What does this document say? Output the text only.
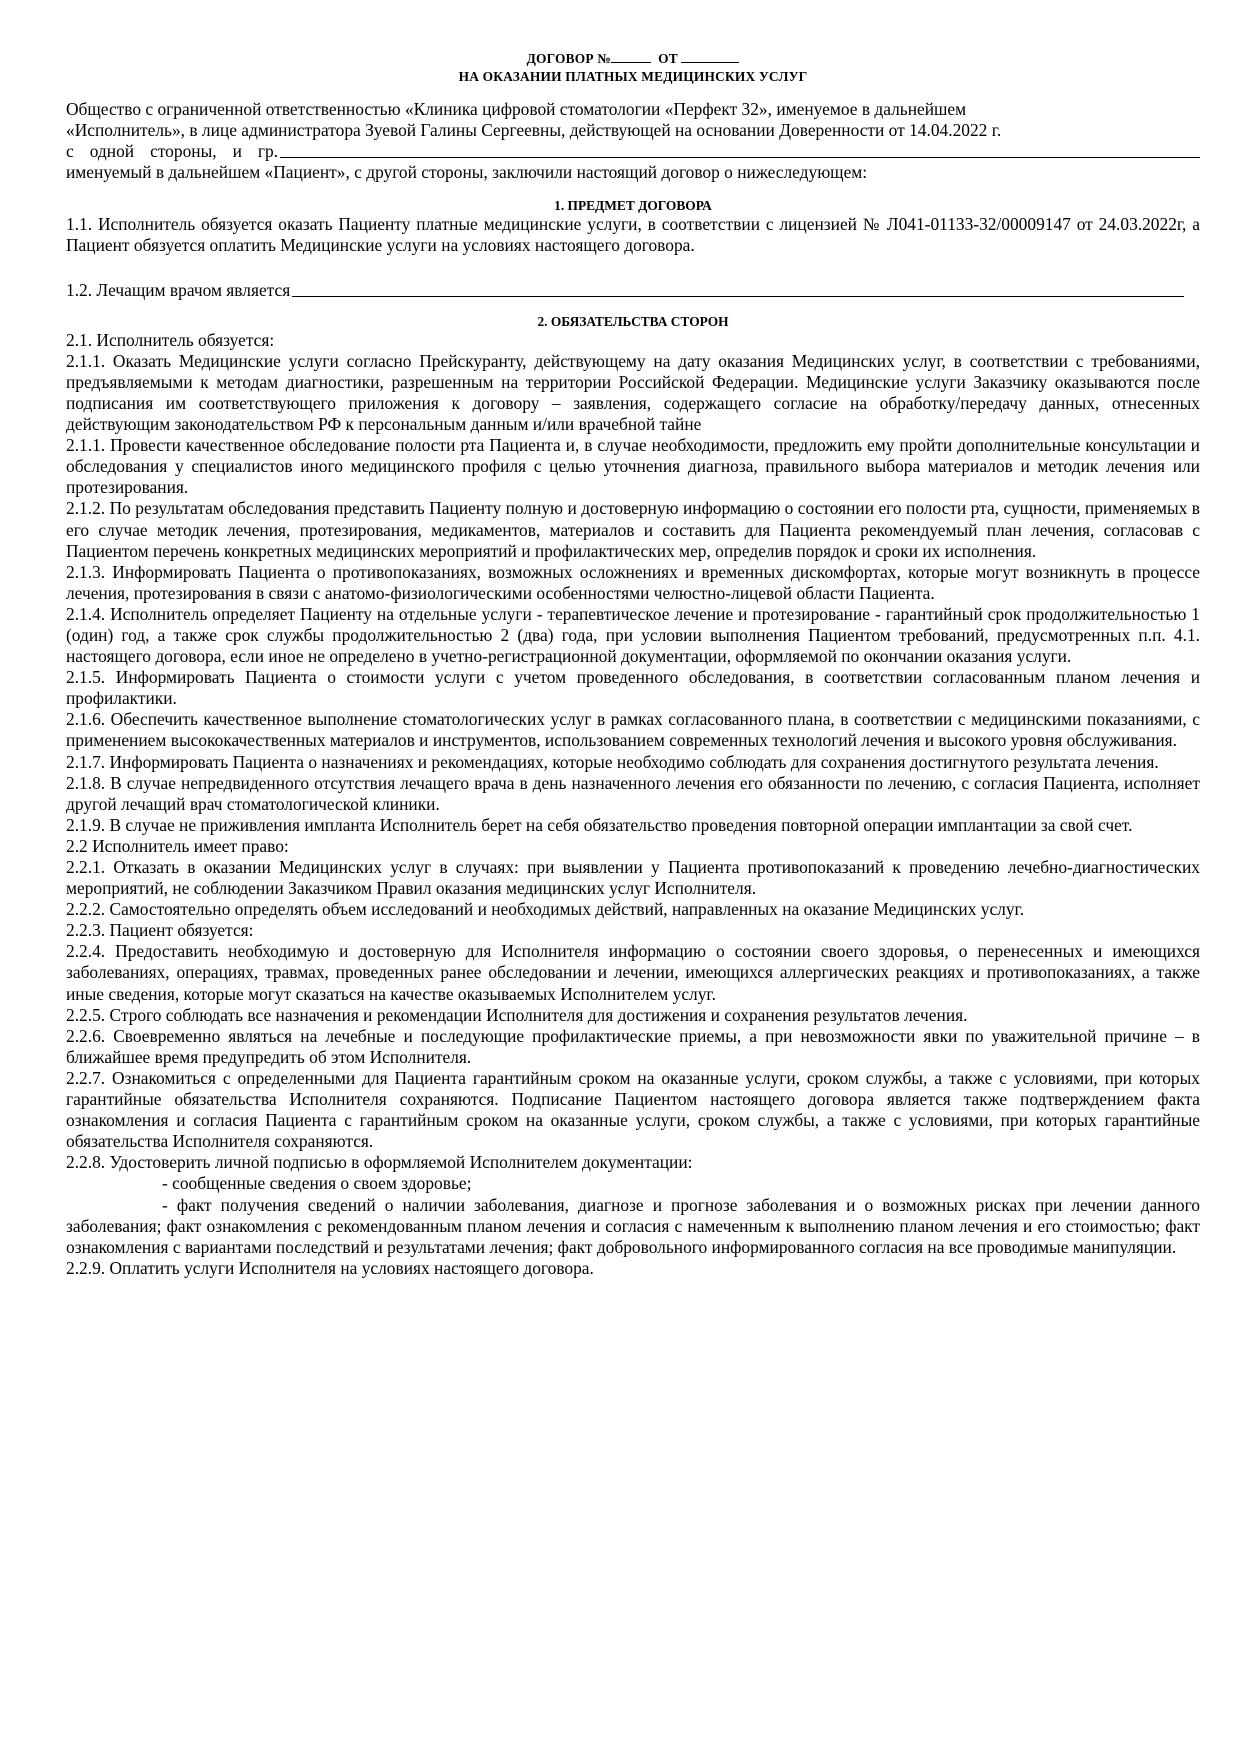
ДОГОВОР №	ОТ
НА ОКАЗАНИИ ПЛАТНЫХ МЕДИЦИНСКИХ УСЛУГ
Общество с ограниченной ответственностью «Клиника цифровой стоматологии «Перфект 32», именуемое в дальнейшем
«Исполнитель», в лице администратора Зуевой Галины Сергеевны, действующей на основании Доверенности от 14.04.2022 г.
с одной стороны, и гр.
именуемый в дальнейшем «Пациент», с другой стороны, заключили настоящий договор о нижеследующем:
1. ПРЕДМЕТ ДОГОВОРА
1.1. Исполнитель обязуется оказать Пациенту платные медицинские услуги, в соответствии с лицензией № Л041-01133-32/00009147 от 24.03.2022г, а Пациент обязуется оплатить Медицинские услуги на условиях настоящего договора.
1.2. Лечащим врачом является
2. ОБЯЗАТЕЛЬСТВА СТОРОН
2.1. Исполнитель обязуется:
2.1.1. Оказать Медицинские услуги согласно Прейскуранту, действующему на дату оказания Медицинских услуг, в соответствии с требованиями, предъявляемыми к методам диагностики, разрешенным на территории Российской Федерации. Медицинские услуги Заказчику оказываются после подписания им соответствующего приложения к договору – заявления, содержащего согласие на обработку/передачу данных, отнесенных действующим законодательством РФ к персональным данным и/или врачебной тайне
2.1.1. Провести качественное обследование полости рта Пациента и, в случае необходимости, предложить ему пройти дополнительные консультации и обследования у специалистов иного медицинского профиля с целью уточнения диагноза, правильного выбора материалов и методик лечения или протезирования.
2.1.2. По результатам обследования представить Пациенту полную и достоверную информацию о состоянии его полости рта, сущности, применяемых в его случае методик лечения, протезирования, медикаментов, материалов и составить для Пациента рекомендуемый план лечения, согласовав с Пациентом перечень конкретных медицинских мероприятий и профилактических мер, определив порядок и сроки их исполнения.
2.1.3. Информировать Пациента о противопоказаниях, возможных осложнениях и временных дискомфортах, которые могут возникнуть в процессе лечения, протезирования в связи с анатомо-физиологическими особенностями челюстно-лицевой области Пациента.
2.1.4. Исполнитель определяет Пациенту на отдельные услуги - терапевтическое лечение и протезирование - гарантийный срок продолжительностью 1 (один) год, а также срок службы продолжительностью 2 (два) года, при условии выполнения Пациентом требований, предусмотренных п.п. 4.1. настоящего договора, если иное не определено в учетно-регистрационной документации, оформляемой по окончании оказания услуги.
2.1.5. Информировать Пациента о стоимости услуги с учетом проведенного обследования, в соответствии согласованным планом лечения и профилактики.
2.1.6. Обеспечить качественное выполнение стоматологических услуг в рамках согласованного плана, в соответствии с медицинскими показаниями, с применением высококачественных материалов и инструментов, использованием современных технологий лечения и высокого уровня обслуживания.
2.1.7. Информировать Пациента о назначениях и рекомендациях, которые необходимо соблюдать для сохранения достигнутого результата лечения.
2.1.8. В случае непредвиденного отсутствия лечащего врача в день назначенного лечения его обязанности по лечению, с согласия Пациента, исполняет другой лечащий врач стоматологической клиники.
2.1.9. В случае не приживления импланта Исполнитель берет на себя обязательство проведения повторной операции имплантации за свой счет.
2.2 Исполнитель имеет право:
2.2.1. Отказать в оказании Медицинских услуг в случаях: при выявлении у Пациента противопоказаний к проведению лечебно-диагностических мероприятий, не соблюдении Заказчиком Правил оказания медицинских услуг Исполнителя.
2.2.2. Самостоятельно определять объем исследований и необходимых действий, направленных на оказание Медицинских услуг.
2.2.3. Пациент обязуется:
2.2.4. Предоставить необходимую и достоверную для Исполнителя информацию о состоянии своего здоровья, о перенесенных и имеющихся заболеваниях, операциях, травмах, проведенных ранее обследовании и лечении, имеющихся аллергических реакциях и противопоказаниях, а также иные сведения, которые могут сказаться на качестве оказываемых Исполнителем услуг.
2.2.5. Строго соблюдать все назначения и рекомендации Исполнителя для достижения и сохранения результатов лечения.
2.2.6. Своевременно являться на лечебные и последующие профилактические приемы, а при невозможности явки по уважительной причине – в ближайшее время предупредить об этом Исполнителя.
2.2.7. Ознакомиться с определенными для Пациента гарантийным сроком на оказанные услуги, сроком службы, а также с условиями, при которых гарантийные обязательства Исполнителя сохраняются. Подписание Пациентом настоящего договора является также подтверждением факта ознакомления и согласия Пациента с гарантийным сроком на оказанные услуги, сроком службы, а также с условиями, при которых гарантийные обязательства Исполнителя сохраняются.
2.2.8. Удостоверить личной подписью в оформляемой Исполнителем документации:
- сообщенные сведения о своем здоровье;
- факт получения сведений о наличии заболевания, диагнозе и прогнозе заболевания и о возможных рисках при лечении данного заболевания; факт ознакомления с рекомендованным планом лечения и согласия с намеченным к выполнению планом лечения и его стоимостью; факт ознакомления с вариантами последствий и результатами лечения; факт добровольного информированного согласия на все проводимые манипуляции.
2.2.9. Оплатить услуги Исполнителя на условиях настоящего договора.
